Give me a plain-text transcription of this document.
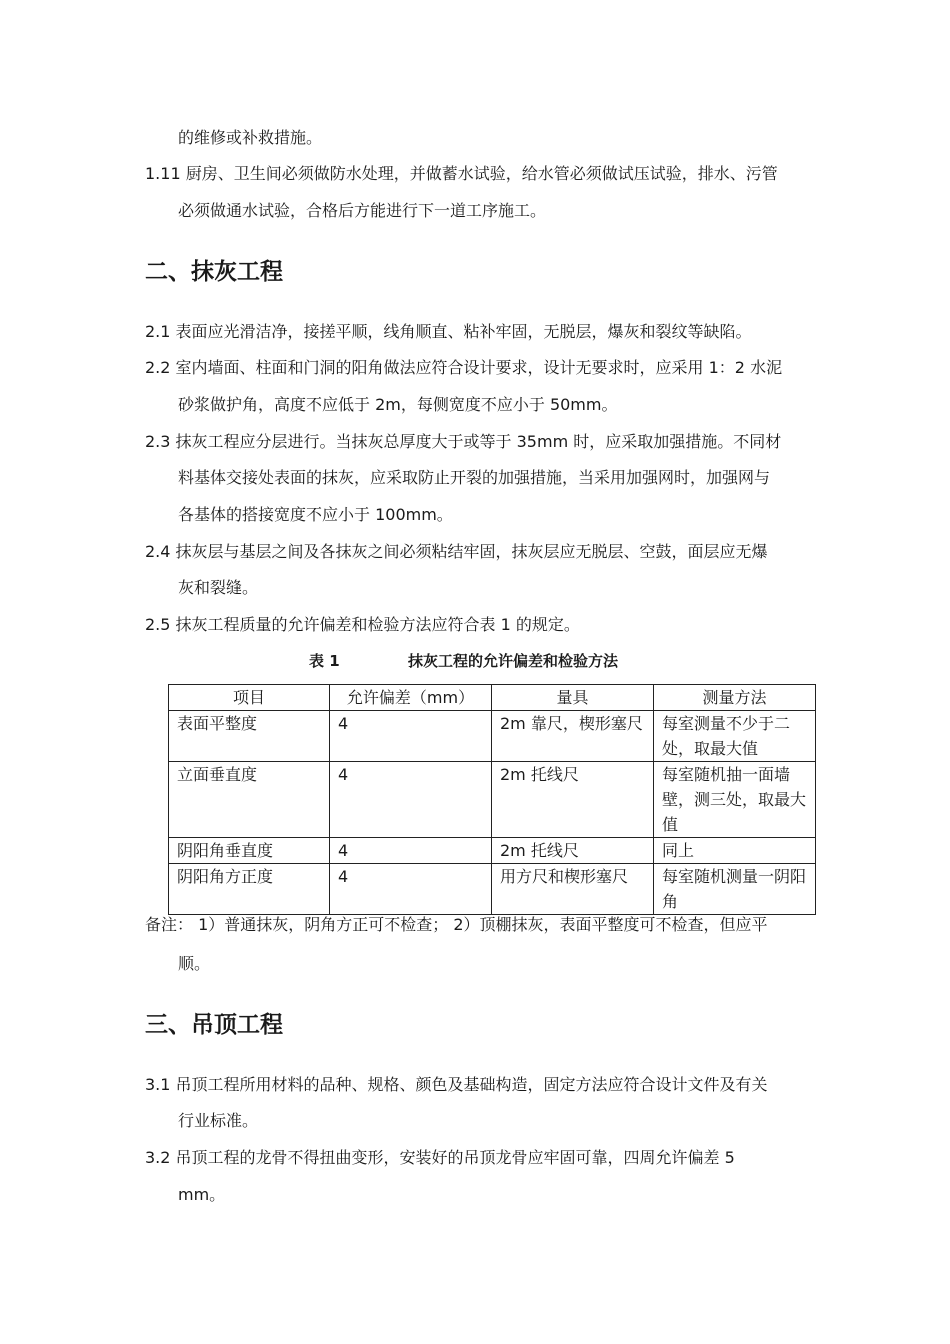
的维修或补救措施。
1.11 厨房、卫生间必须做防水处理，并做蓄水试验，给水管必须做试压试验，排水、污管
必须做通水试验，合格后方能进行下一道工序施工。
二、抹灰工程
2.1 表面应光滑洁净，接搓平顺，线角顺直、粘补牢固，无脱层，爆灰和裂纹等缺陷。
2.2 室内墙面、柱面和门洞的阳角做法应符合设计要求，设计无要求时，应采用 1：2 水泥
砂浆做护角，高度不应低于 2m，每侧宽度不应小于 50mm。
2.3 抹灰工程应分层进行。当抹灰总厚度大于或等于 35mm 时，应采取加强措施。不同材
料基体交接处表面的抹灰，应采取防止开裂的加强措施，当采用加强网时，加强网与
各基体的搭接宽度不应小于 100mm。
2.4 抹灰层与基层之间及各抹灰之间必须粘结牢固，抹灰层应无脱层、空鼓，面层应无爆
灰和裂缝。
2.5 抹灰工程质量的允许偏差和检验方法应符合表 1 的规定。
表 1	抹灰工程的允许偏差和检验方法
项目	允许偏差（mm）	量具	测量方法
表面平整度	4	2m 靠尺，楔形塞尺	每室测量不少于二处，取最大值
立面垂直度	4	2m 托线尺	每室随机抽一面墙壁，测三处，取最大值
阴阳角垂直度	4	2m 托线尺	同上
阴阳角方正度	4	用方尺和楔形塞尺	每室随机测量一阴阳角
备注： 1）普通抹灰，阴角方正可不检查； 2）顶棚抹灰，表面平整度可不检查，但应平
顺。
三、吊顶工程
3.1 吊顶工程所用材料的品种、规格、颜色及基础构造，固定方法应符合设计文件及有关
行业标准。
3.2 吊顶工程的龙骨不得扭曲变形，安装好的吊顶龙骨应牢固可靠，四周允许偏差 5
mm。
